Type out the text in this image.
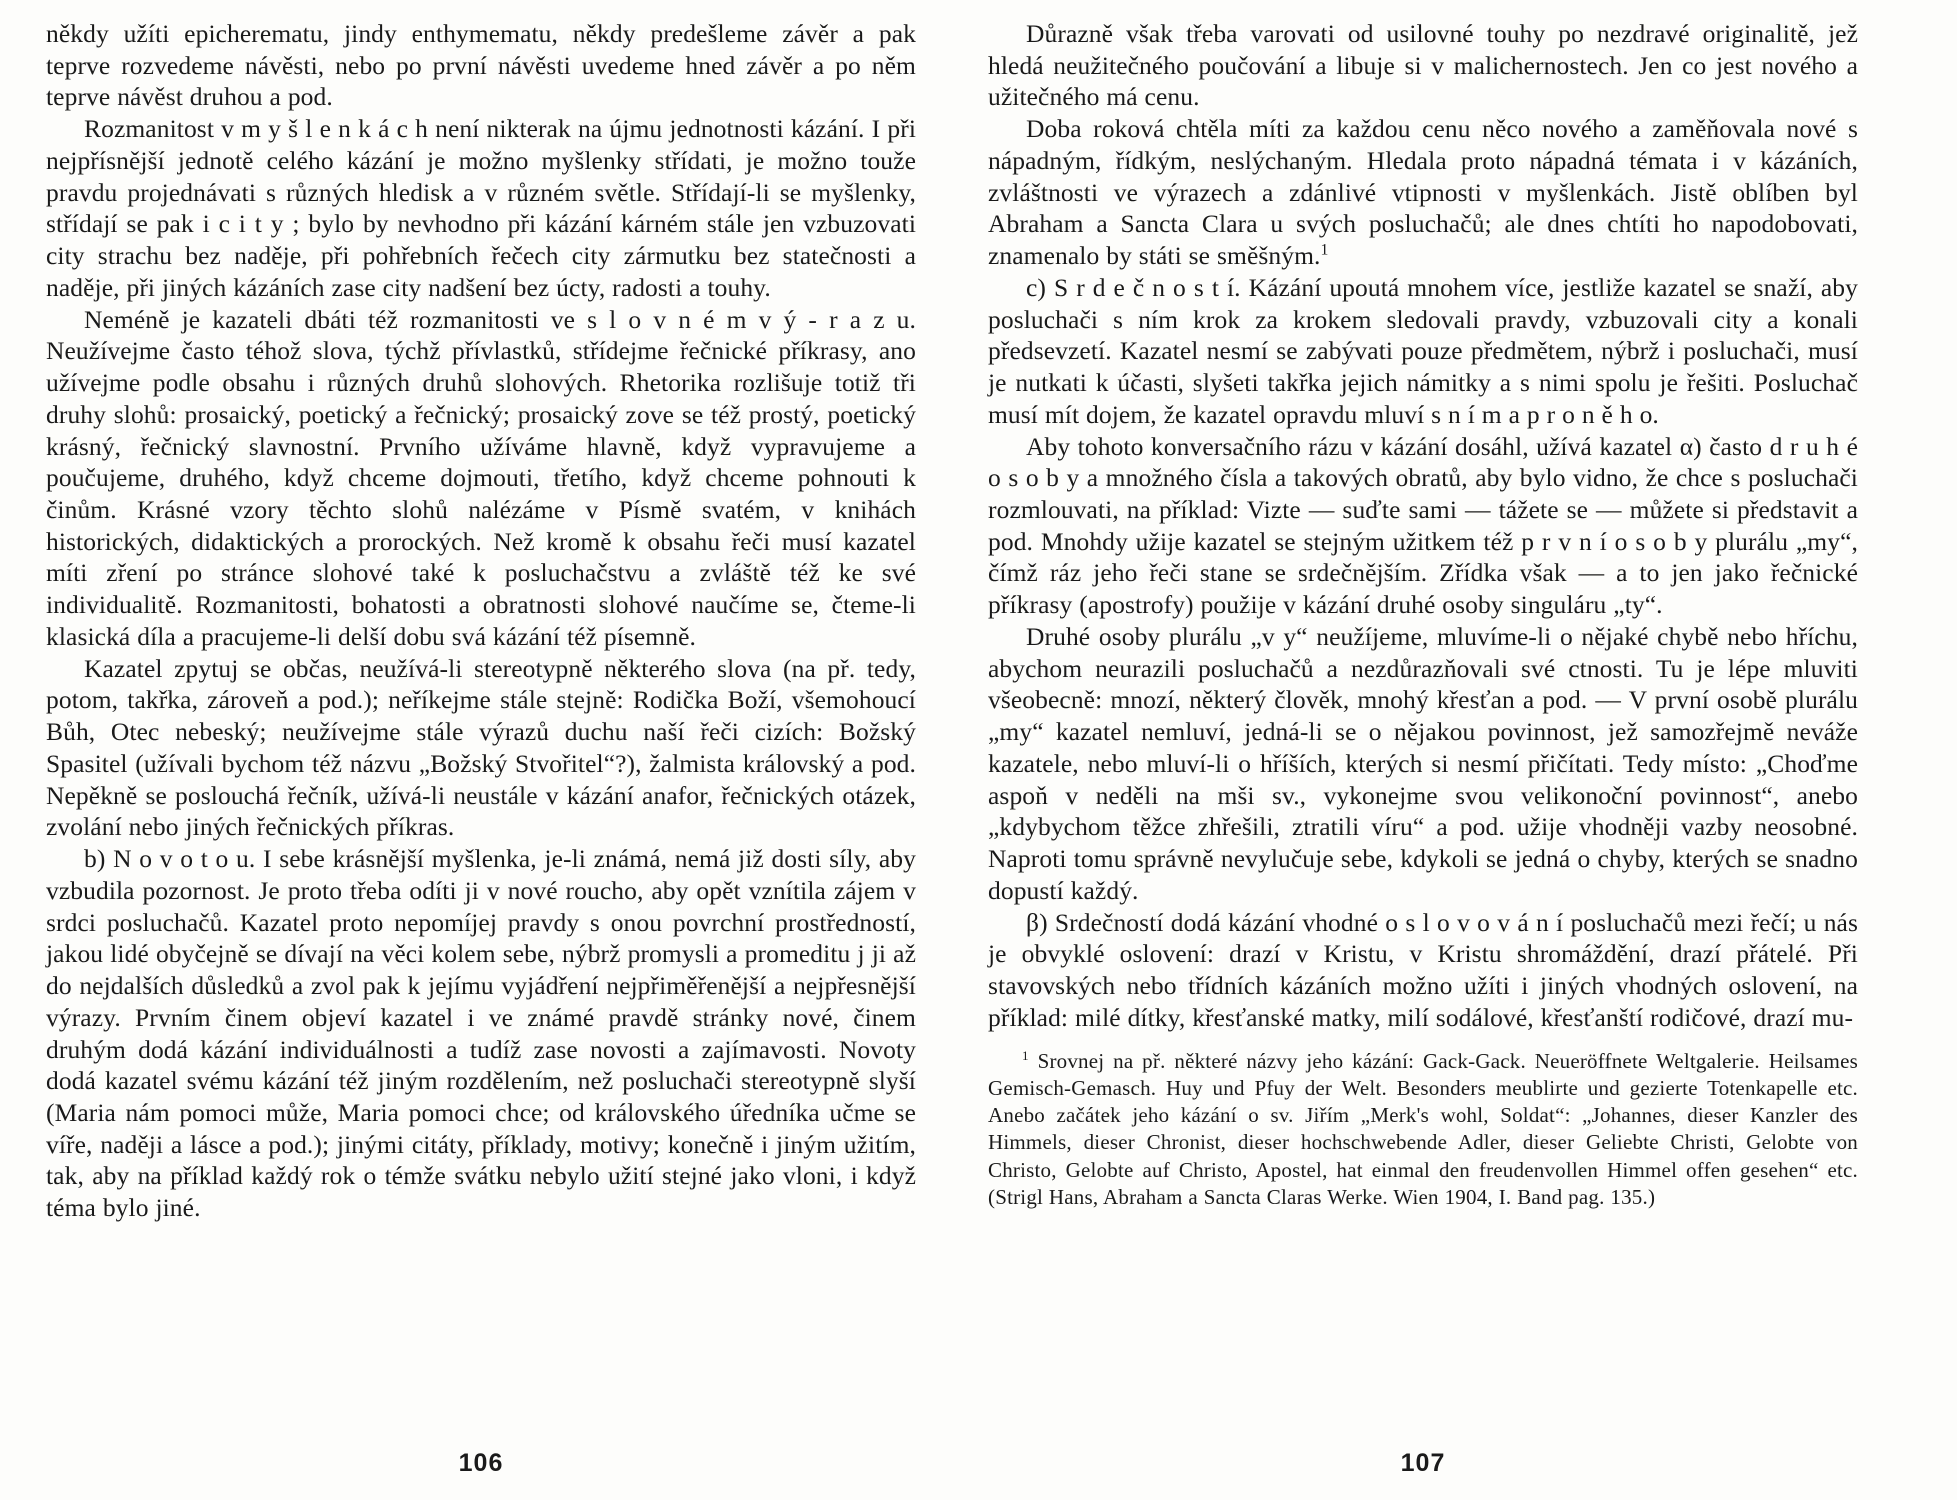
někdy užíti epicherematu, jindy enthymematu, někdy predešleme závěr a pak teprve rozvedeme návěsti, nebo po první návěsti uvedeme hned závěr a po něm teprve návěst druhou a pod.

Rozmanitost v m y š l e n k á c h není nikterak na újmu jednotnosti kázání. I při nejpřísnější jednotě celého kázání je možno myšlenky střídati, je možno touže pravdu projednávati s různých hledisk a v různém světle. Střídají-li se myšlenky, střídají se pak i c i t y ; bylo by nevhodno při kázání kárném stále jen vzbuzovati city strachu bez naděje, při pohřebních řečech city zármutku bez statečnosti a naděje, při jiných kázáních zase city nadšení bez úcty, radosti a touhy.

Neméně je kazateli dbáti též rozmanitosti ve s l o v n é m v ý - r a z u. Neužívejme často téhož slova, týchž přívlastků, střídejme řečnické příkrasy, ano užívejme podle obsahu i různých druhů slohových. Rhetorika rozlišuje totiž tři druhy slohů: prosaický, poetický a řečnický; prosaický zove se též prostý, poetický krásný, řečnický slavnostní. Prvního užíváme hlavně, když vypravujeme a poučujeme, druhého, když chceme dojmouti, třetího, když chceme pohnouti k činům. Krásné vzory těchto slohů nalézáme v Písmě svatém, v knihách historických, didaktických a prorockých. Než kromě k obsahu řeči musí kazatel míti zření po stránce slohové také k posluchačstvu a zvláště též ke své individualitě. Rozmanitosti, bohatosti a obratnosti slohové naučíme se, čteme-li klasická díla a pracujeme-li delší dobu svá kázání též písemně.

Kazatel zpytuj se občas, neužívá-li stereotypně některého slova (na př. tedy, potom, takřka, zároveň a pod.); neříkejme stále stejně: Rodička Boží, všemohoucí Bůh, Otec nebeský; neužívejme stále výrazů duchu naší řeči cizích: Božský Spasitel (užívali bychom též názvu „Božský Stvořitel“?), žalmista královský a pod. Nepěkně se poslouchá řečník, užívá-li neustále v kázání anafor, řečnických otázek, zvolání nebo jiných řečnických příkras.

b) N o v o t o u. I sebe krásnější myšlenka, je-li známá, nemá již dosti síly, aby vzbudila pozornost. Je proto třeba odíti ji v nové roucho, aby opět vznítila zájem v srdci posluchačů. Kazatel proto nepomíjej pravdy s onou povrchní prostředností, jakou lidé obyčejně se dívají na věci kolem sebe, nýbrž promysli a promeditu j ji až do nejdalších důsledků a zvol pak k jejímu vyjádření nejpřiměřenější a nejpřesnější výrazy. Prvním činem objeví kazatel i ve známé pravdě stránky nové, činem druhým dodá kázání individuálnosti a tudíž zase novosti a zajímavosti. Novoty dodá kazatel svému kázání též jiným rozdělením, než posluchači stereotypně slyší (Maria nám pomoci může, Maria pomoci chce; od královského úředníka učme se víře, naději a lásce a pod.); jinými citáty, příklady, motivy; konečně i jiným užitím, tak, aby na příklad každý rok o témže svátku nebylo užití stejné jako vloni, i když téma bylo jiné.

Důrazně však třeba varovati od usilovné touhy po nezdravé originalitě, jež hledá neužitečného poučování a libuje si v malichernostech. Jen co jest nového a užitečného má cenu.

Doba roková chtěla míti za každou cenu něco nového a zaměňovala nové s nápadným, řídkým, neslýchaným. Hledala proto nápadná témata i v kázáních, zvláštnosti ve výrazech a zdánlivé vtipnosti v myšlenkách. Jistě oblíben byl Abraham a Sancta Clara u svých posluchačů; ale dnes chtíti ho napodobovati, znamenalo by státi se směšným.$^1$

c) S r d e č n o s t í. Kázání upoutá mnohem více, jestliže kazatel se snaží, aby posluchači s ním krok za krokem sledovali pravdy, vzbuzovali city a konali předsevzetí. Kazatel nesmí se zabývati pouze předmětem, nýbrž i posluchači, musí je nutkati k účasti, slyšeti takřka jejich námitky a s nimi spolu je řešiti. Posluchač musí mít dojem, že kazatel opravdu mluví s n í m a p r o n ě h o.

Aby tohoto konversačního rázu v kázání dosáhl, užívá kazatel α) často d r u h é o s o b y a množného čísla a takových obratů, aby bylo vidno, že chce s posluchači rozmlouvati, na příklad: Vizte — suďte sami — tážete se — můžete si představit a pod. Mnohdy užije kazatel se stejným užitkem též p r v n í o s o b y plurálu „my“, čímž ráz jeho řeči stane se srdečnějším. Zřídka však — a to jen jako řečnické příkrasy (apostrofy) použije v kázání druhé osoby singuláru „ty“.

Druhé osoby plurálu „v y“ neužíjeme, mluvíme-li o nějaké chybě nebo hříchu, abychom neurazili posluchačů a nezdůrazňovali své ctnosti. Tu je lépe mluviti všeobecně: mnozí, některý člověk, mnohý křesťan a pod. — V první osobě plurálu „my“ kazatel nemluví, jedná-li se o nějakou povinnost, jež samozřejmě neváže kazatele, nebo mluví-li o hříších, kterých si nesmí přičítati. Tedy místo: „Choďme aspoň v neděli na mši sv., vykonejme svou velikonoční povinnost“, anebo „kdybychom těžce zhřešili, ztratili víru“ a pod. užije vhodněji vazby neosobné. Naproti tomu správně nevylučuje sebe, kdykoli se jedná o chyby, kterých se snadno dopustí každý.

β) Srdečností dodá kázání vhodné o s l o v o v á n í posluchačů mezi řečí; u nás je obvyklé oslovení: drazí v Kristu, v Kristu shromáždění, drazí přátelé. Při stavovských nebo třídních kázáních možno užíti i jiných vhodných oslovení, na příklad: milé dítky, křesťanské matky, milí sodálové, křesťanští rodičové, drazí mu-

$^1$ Srovnej na př. některé názvy jeho kázání: Gack-Gack. Neueröffnete Weltgalerie. Heilsames Gemisch-Gemasch. Huy und Pfuy der Welt. Besonders meublirte und gezierte Totenkapelle etc. Anebo začátek jeho kázání o sv. Jiřím „Merk's wohl, Soldat“: „Johannes, dieser Kanzler des Himmels, dieser Chronist, dieser hochschwebende Adler, dieser Geliebte Christi, Gelobte von Christo, Gelobte auf Christo, Apostel, hat einmal den freudenvollen Himmel offen gesehen“ etc. (Strigl Hans, Abraham a Sancta Claras Werke. Wien 1904, I. Band pag. 135.)

106	107
